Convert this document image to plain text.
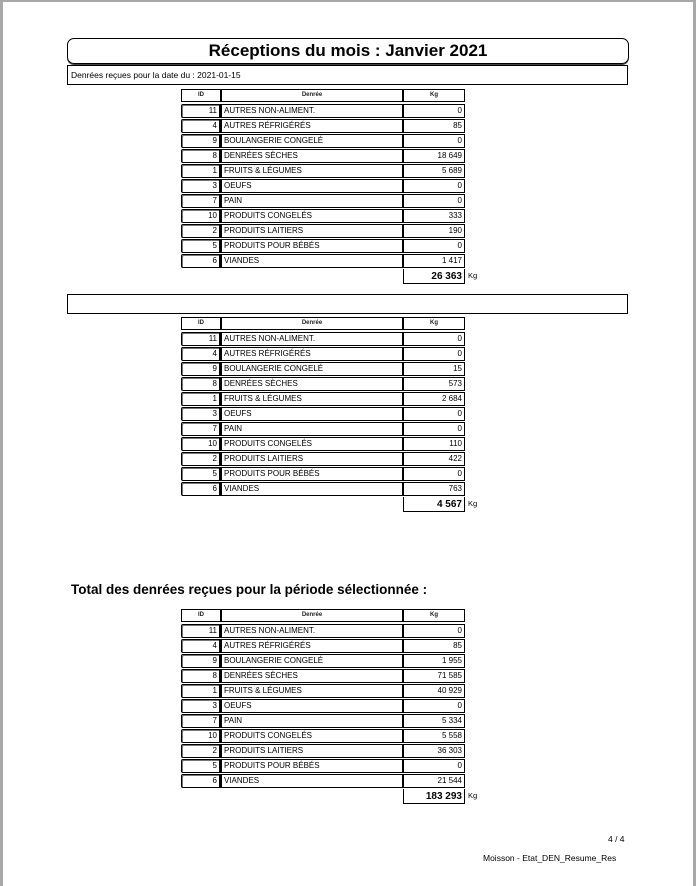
Réceptions du mois : Janvier 2021
Denrées reçues pour la date du : 2021-01-15
ID	Denrée	Kg
11 AUTRES NON-ALIMENT.	0
4 AUTRES RÉFRIGÉRÉS	85
9 BOULANGERIE CONGELÉ	0
8 DENRÉES SÈCHES	18 649
1 FRUITS & LÉGUMES	5 689
3 OEUFS	0
7 PAIN	0
10 PRODUITS CONGELÉS	333
2 PRODUITS LAITIERS	190
5 PRODUITS POUR BÉBÉS	0
6 VIANDES	1 417
26 363 Kg
ID	Denrée	Kg
11 AUTRES NON-ALIMENT.	0
4 AUTRES RÉFRIGÉRÉS	0
9 BOULANGERIE CONGELÉ	15
8 DENRÉES SÈCHES	573
1 FRUITS & LÉGUMES	2 684
3 OEUFS	0
7 PAIN	0
10 PRODUITS CONGELÉS	110
2 PRODUITS LAITIERS	422
5 PRODUITS POUR BÉBÉS	0
6 VIANDES	763
4 567 Kg
Total des denrées reçues pour la période sélectionnée :
ID	Denrée	Kg
11 AUTRES NON-ALIMENT.	0
4 AUTRES RÉFRIGÉRÉS	85
9 BOULANGERIE CONGELÉ	1 955
8 DENRÉES SÈCHES	71 585
1 FRUITS & LÉGUMES	40 929
3 OEUFS	0
7 PAIN	5 334
10 PRODUITS CONGELÉS	5 558
2 PRODUITS LAITIERS	36 303
5 PRODUITS POUR BÉBÉS	0
6 VIANDES	21 544
183 293 Kg
4 / 4
Moisson - Etat_DEN_Resume_Res
